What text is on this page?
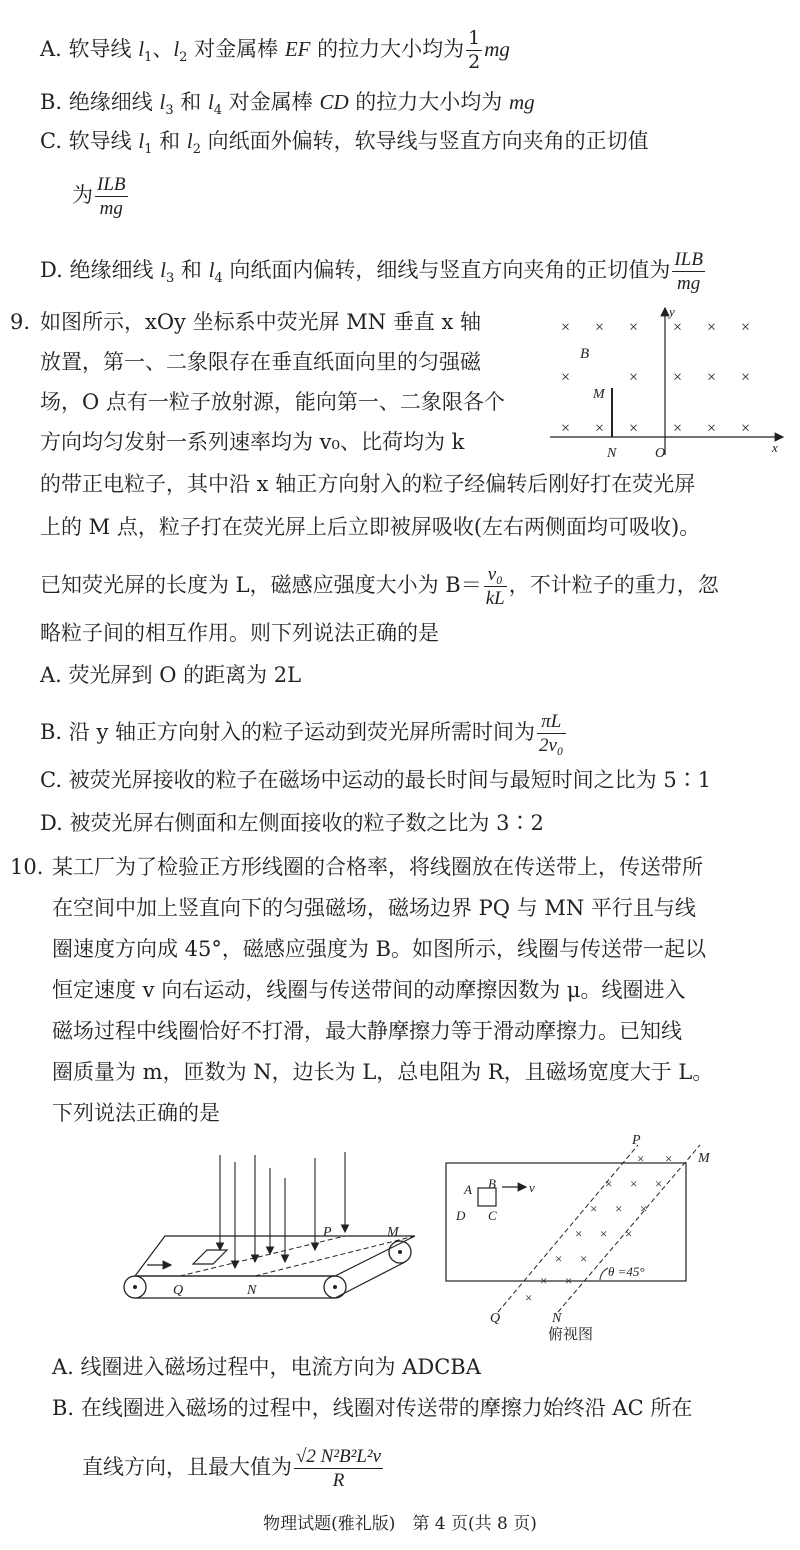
A. 软导线 $l_1$、$l_2$ 对金属棒 EF 的拉力大小均为 $\frac{1}{2}$ mg
B. 绝缘细线 $l_3$ 和 $l_4$ 对金属棒 CD 的拉力大小均为 mg
C. 软导线 $l_1$ 和 $l_2$ 向纸面外偏转，软导线与竖直方向夹角的正切值
为 $\frac{\text{ILB}}{mg}$
D. 绝缘细线 $l_3$ 和 $l_4$ 向纸面内偏转，细线与竖直方向夹角的正切值为 $\frac{\text{ILB}}{mg}$
9. 如图所示，xOy 坐标系中荧光屏 MN 垂直 x 轴
放置，第一、二象限存在垂直纸面向里的匀强磁
场，O 点有一粒子放射源，能向第一、二象限各个
方向均匀发射一系列速率均为 v₀、比荷均为 k
的带正电粒子，其中沿 x 轴正方向射入的粒子经偏转后刚好打在荧光屏
上的 M 点，粒子打在荧光屏上后立即被屏吸收(左右两侧面均可吸收)。
已知荧光屏的长度为 L，磁感应强度大小为 $B= \frac{\text{v₀}}{kL}$ ，不计粒子的重力，忽
略粒子间的相互作用。则下列说法正确的是
A. 荧光屏到 O 的距离为 2L
B. 沿 y 轴正方向射入的粒子运动到荧光屏所需时间为 $\frac{\pi L}{\text{2v₀}}$
C. 被荧光屏接收的粒子在磁场中运动的最长时间与最短时间之比为 5∶1
D. 被荧光屏右侧面和左侧面接收的粒子数之比为 3∶2
y
x
B
M
N	O
× × × × × ×
×	× × × ×
× × × × × ×
10. 某工厂为了检验正方形线圈的合格率，将线圈放在传送带上，传送带所
在空间中加上竖直向下的匀强磁场，磁场边界 PQ 与 MN 平行且与线
圈速度方向成 45°，磁感应强度为 B。如图所示，线圈与传送带一起以
恒定速度 v 向右运动，线圈与传送带间的动摩擦因数为 μ。线圈进入
磁场过程中线圈恰好不打滑，最大静摩擦力等于滑动摩擦力。已知线
圈质量为 m，匝数为 N，边长为 L，总电阻为 R，且磁场宽度大于 L。
下列说法正确的是
P	M
Q	N
A B
C
D
v
P
M
Q	N
θ =45°
× ×
× × ×
× × ×
× × ×
× ×
× ×
×
俯视图
A. 线圈进入磁场过程中，电流方向为 ADCBA
B. 在线圈进入磁场的过程中，线圈对传送带的摩擦力始终沿 AC 所在
直线方向，且最大值为 $\frac{\text{√2 N²B²L²v}}{R}$
物理试题(雅礼版)　第 4 页(共 8 页)
